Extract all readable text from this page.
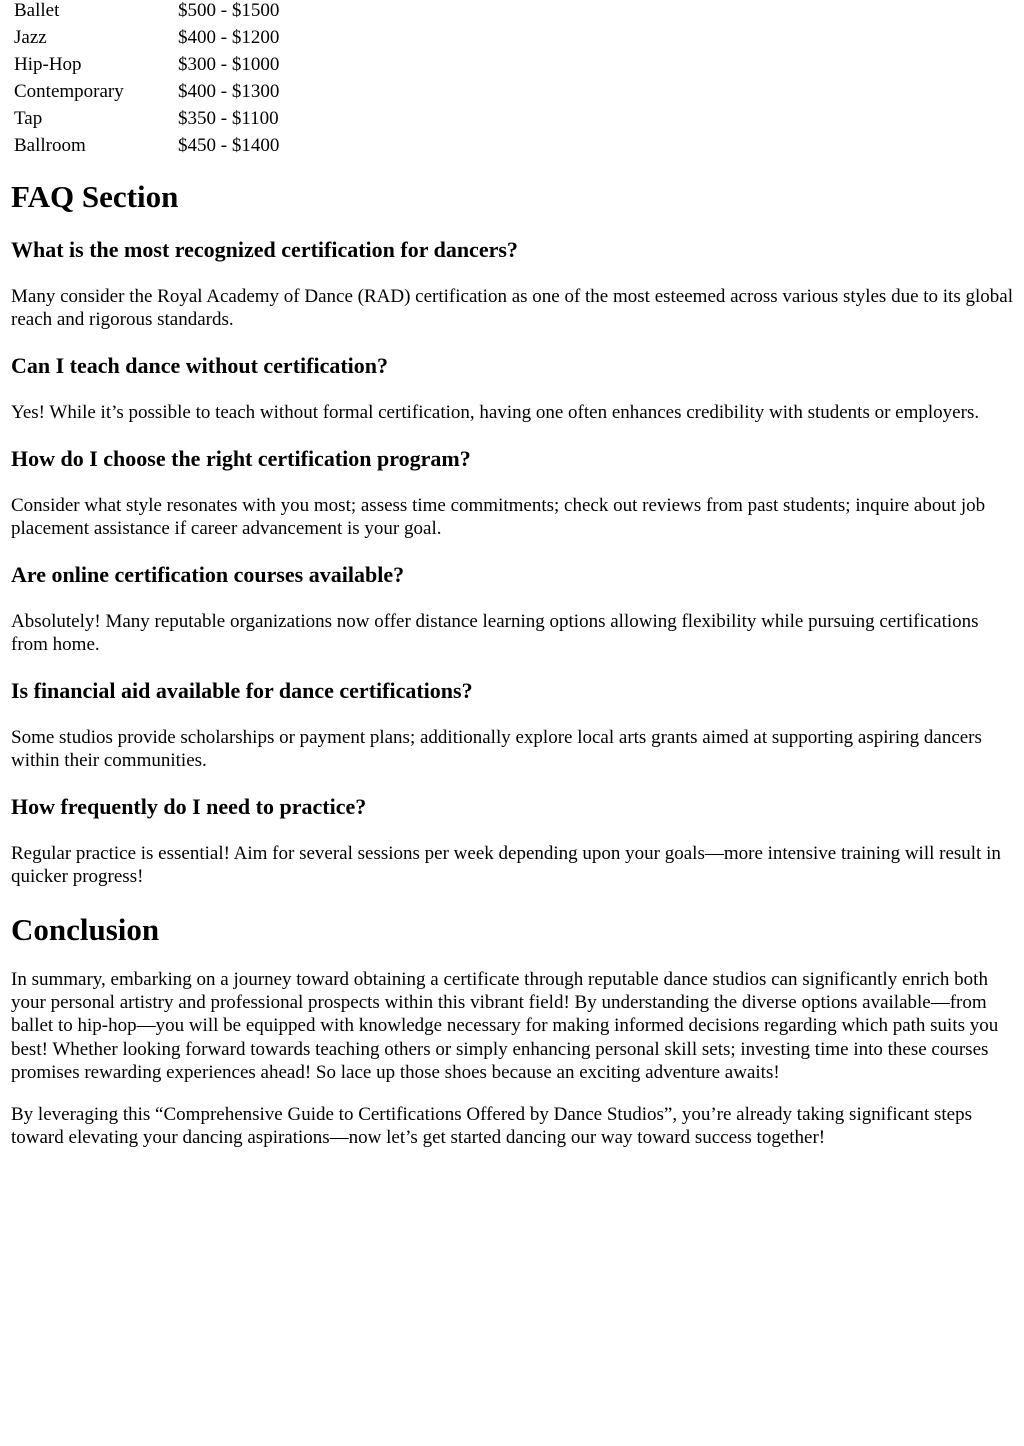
Ballet	$500 - $1500
Jazz	$400 - $1200
Hip-Hop	$300 - $1000
Contemporary	$400 - $1300
Tap	$350 - $1100
Ballroom	$450 - $1400
FAQ Section
What is the most recognized certification for dancers?

Many consider the Royal Academy of Dance (RAD) certification as one of the most esteemed across various styles due to its global reach and rigorous standards.

Can I teach dance without certification?

Yes! While it’s possible to teach without formal certification, having one often enhances credibility with students or employers.

How do I choose the right certification program?

Consider what style resonates with you most; assess time commitments; check out reviews from past students; inquire about job placement assistance if career advancement is your goal.

Are online certification courses available?

Absolutely! Many reputable organizations now offer distance learning options allowing flexibility while pursuing certifications from home.

Is financial aid available for dance certifications?

Some studios provide scholarships or payment plans; additionally explore local arts grants aimed at supporting aspiring dancers within their communities.

How frequently do I need to practice?

Regular practice is essential! Aim for several sessions per week depending upon your goals—more intensive training will result in quicker progress!

Conclusion

In summary, embarking on a journey toward obtaining a certificate through reputable dance studios can significantly enrich both your personal artistry and professional prospects within this vibrant field! By understanding the diverse options available—from ballet to hip-hop—you will be equipped with knowledge necessary for making informed decisions regarding which path suits you best! Whether looking forward towards teaching others or simply enhancing personal skill sets; investing time into these courses promises rewarding experiences ahead! So lace up those shoes because an exciting adventure awaits!

By leveraging this “Comprehensive Guide to Certifications Offered by Dance Studios”, you’re already taking significant steps toward elevating your dancing aspirations—now let’s get started dancing our way toward success together!
